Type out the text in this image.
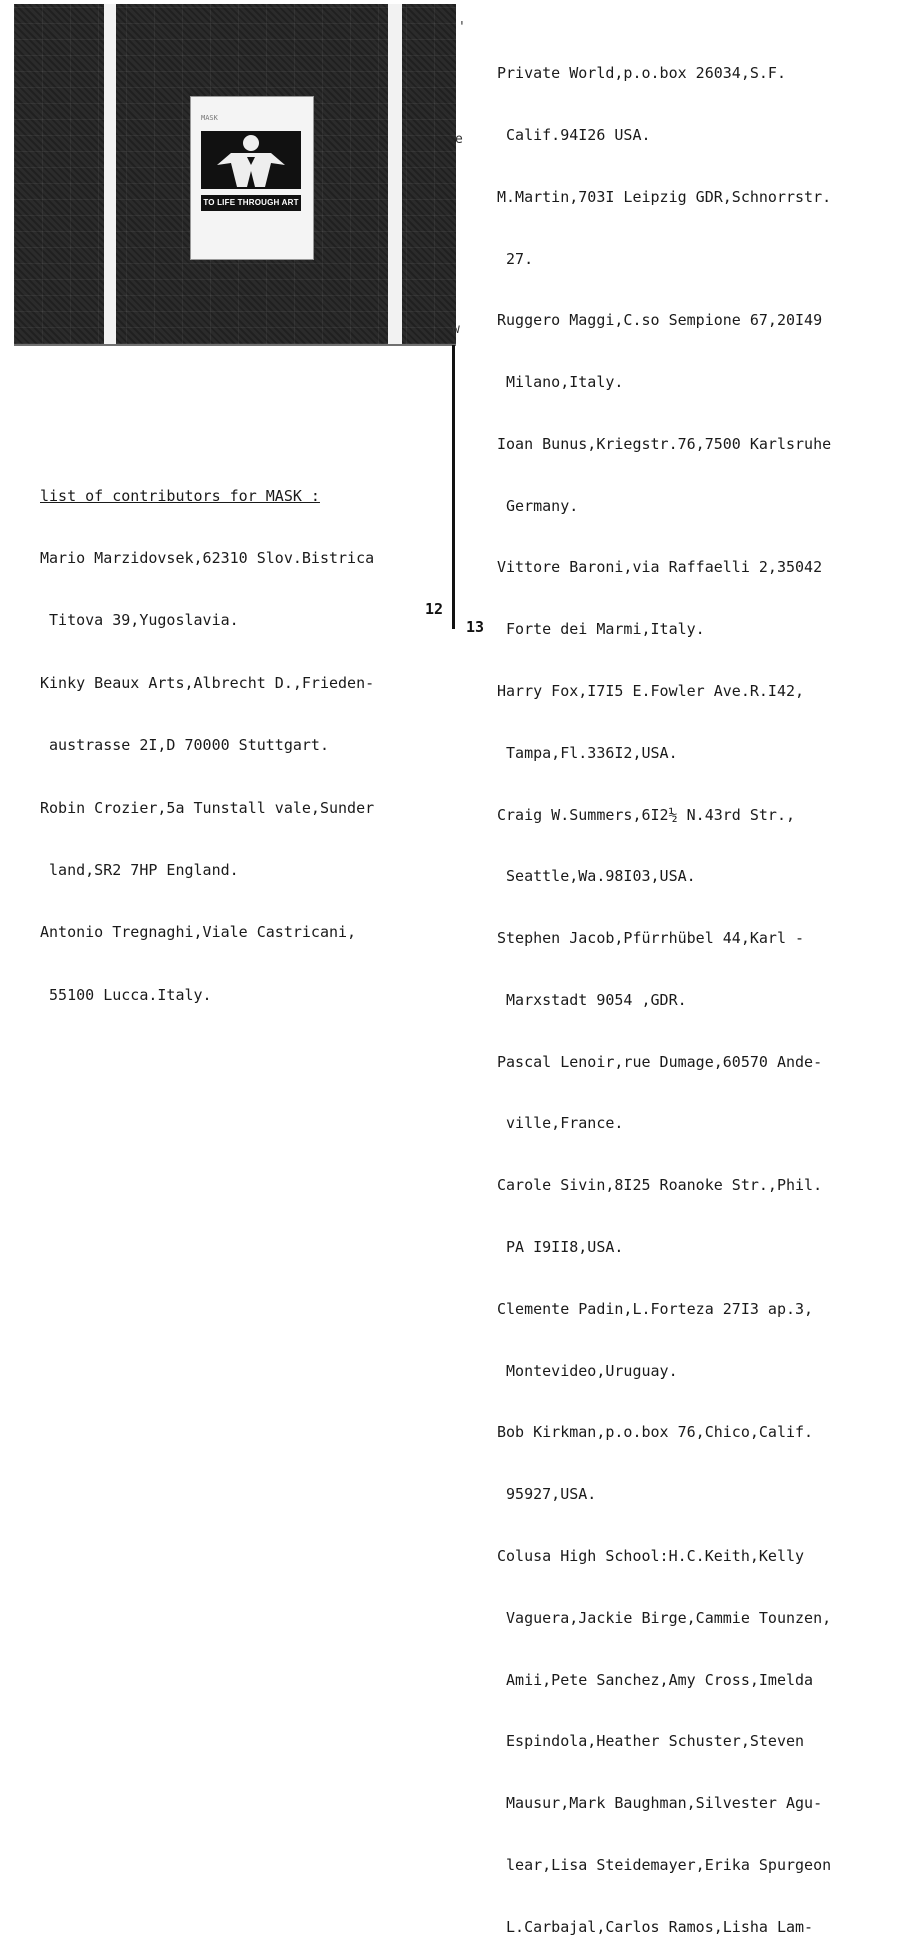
MASK
TO LIFE THROUGH ART
'
e
w

list of contributors for MASK :

Mario Marzidovsek,62310 Slov.Bistrica

Titova 39,Yugoslavia.

Kinky Beaux Arts,Albrecht D.,Frieden-

austrasse 2I,D 70000 Stuttgart.

Robin Crozier,5a Tunstall vale,Sunder

land,SR2 7HP England.

Antonio Tregnaghi,Viale Castricani,

55100 Lucca.Italy.

12
13

Private World,p.o.box 26034,S.F.

Calif.94I26 USA.

M.Martin,703I Leipzig GDR,Schnorrstr.

27.

Ruggero Maggi,C.so Sempione 67,20I49

Milano,Italy.

Ioan Bunus,Kriegstr.76,7500 Karlsruhe

Germany.

Vittore Baroni,via Raffaelli 2,35042

Forte dei Marmi,Italy.

Harry Fox,I7I5 E.Fowler Ave.R.I42,

Tampa,Fl.336I2,USA.

Craig W.Summers,6I2½ N.43rd Str.,

Seattle,Wa.98I03,USA.

Stephen Jacob,Pfürrhübel 44,Karl -

Marxstadt 9054 ,GDR.

Pascal Lenoir,rue Dumage,60570 Ande-

ville,France.

Carole Sivin,8I25 Roanoke Str.,Phil.

PA I9II8,USA.

Clemente Padin,L.Forteza 27I3 ap.3,

Montevideo,Uruguay.

Bob Kirkman,p.o.box 76,Chico,Calif.

95927,USA.

Colusa High School:H.C.Keith,Kelly

Vaguera,Jackie Birge,Cammie Tounzen,

Amii,Pete Sanchez,Amy Cross,Imelda

Espindola,Heather Schuster,Steven

Mausur,Mark Baughman,Silvester Agu-

lear,Lisa Steidemayer,Erika Spurgeon

L.Carbajal,Carlos Ramos,Lisha Lam-
